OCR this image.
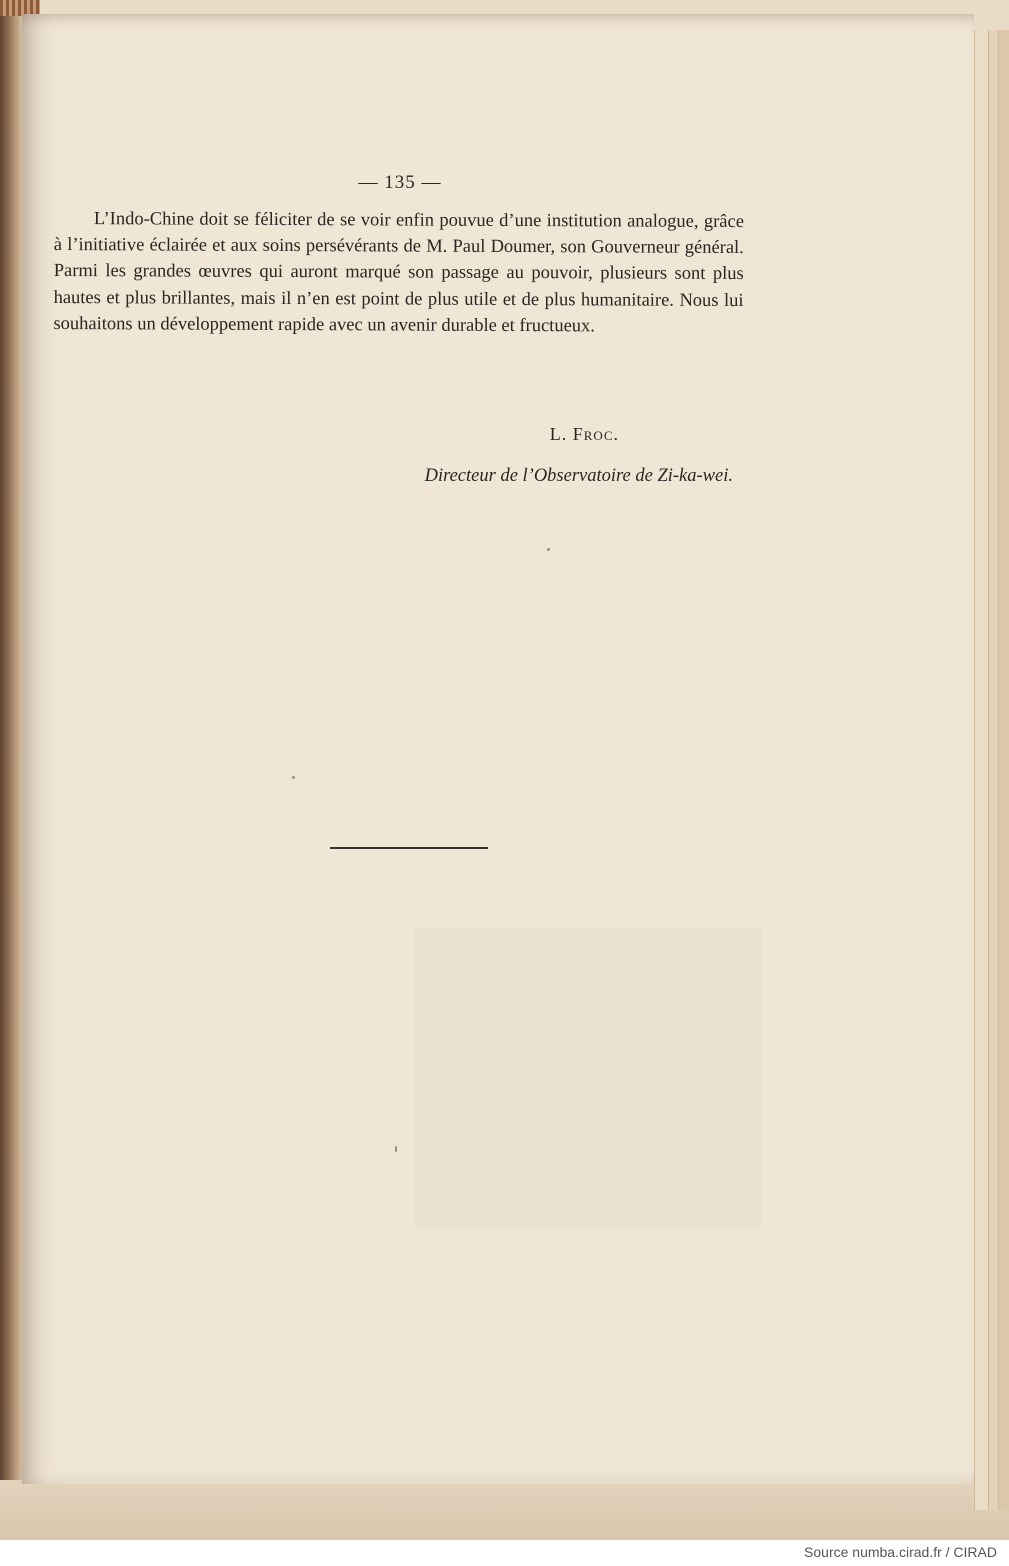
— 135 —

L’Indo-Chine doit se féliciter de se voir enfin pouvue d’une institution analogue, grâce à l’initiative éclairée et aux soins persévérants de M. Paul Doumer, son Gouverneur général. Parmi les grandes œuvres qui auront marqué son passage au pouvoir, plusieurs sont plus hautes et plus brillantes, mais il n’en est point de plus utile et de plus humanitaire. Nous lui souhaitons un développement rapide avec un avenir durable et fructueux.

L. Froc.
Directeur de l’Observatoire de Zi-ka-wei.
Source numba.cirad.fr / CIRAD
